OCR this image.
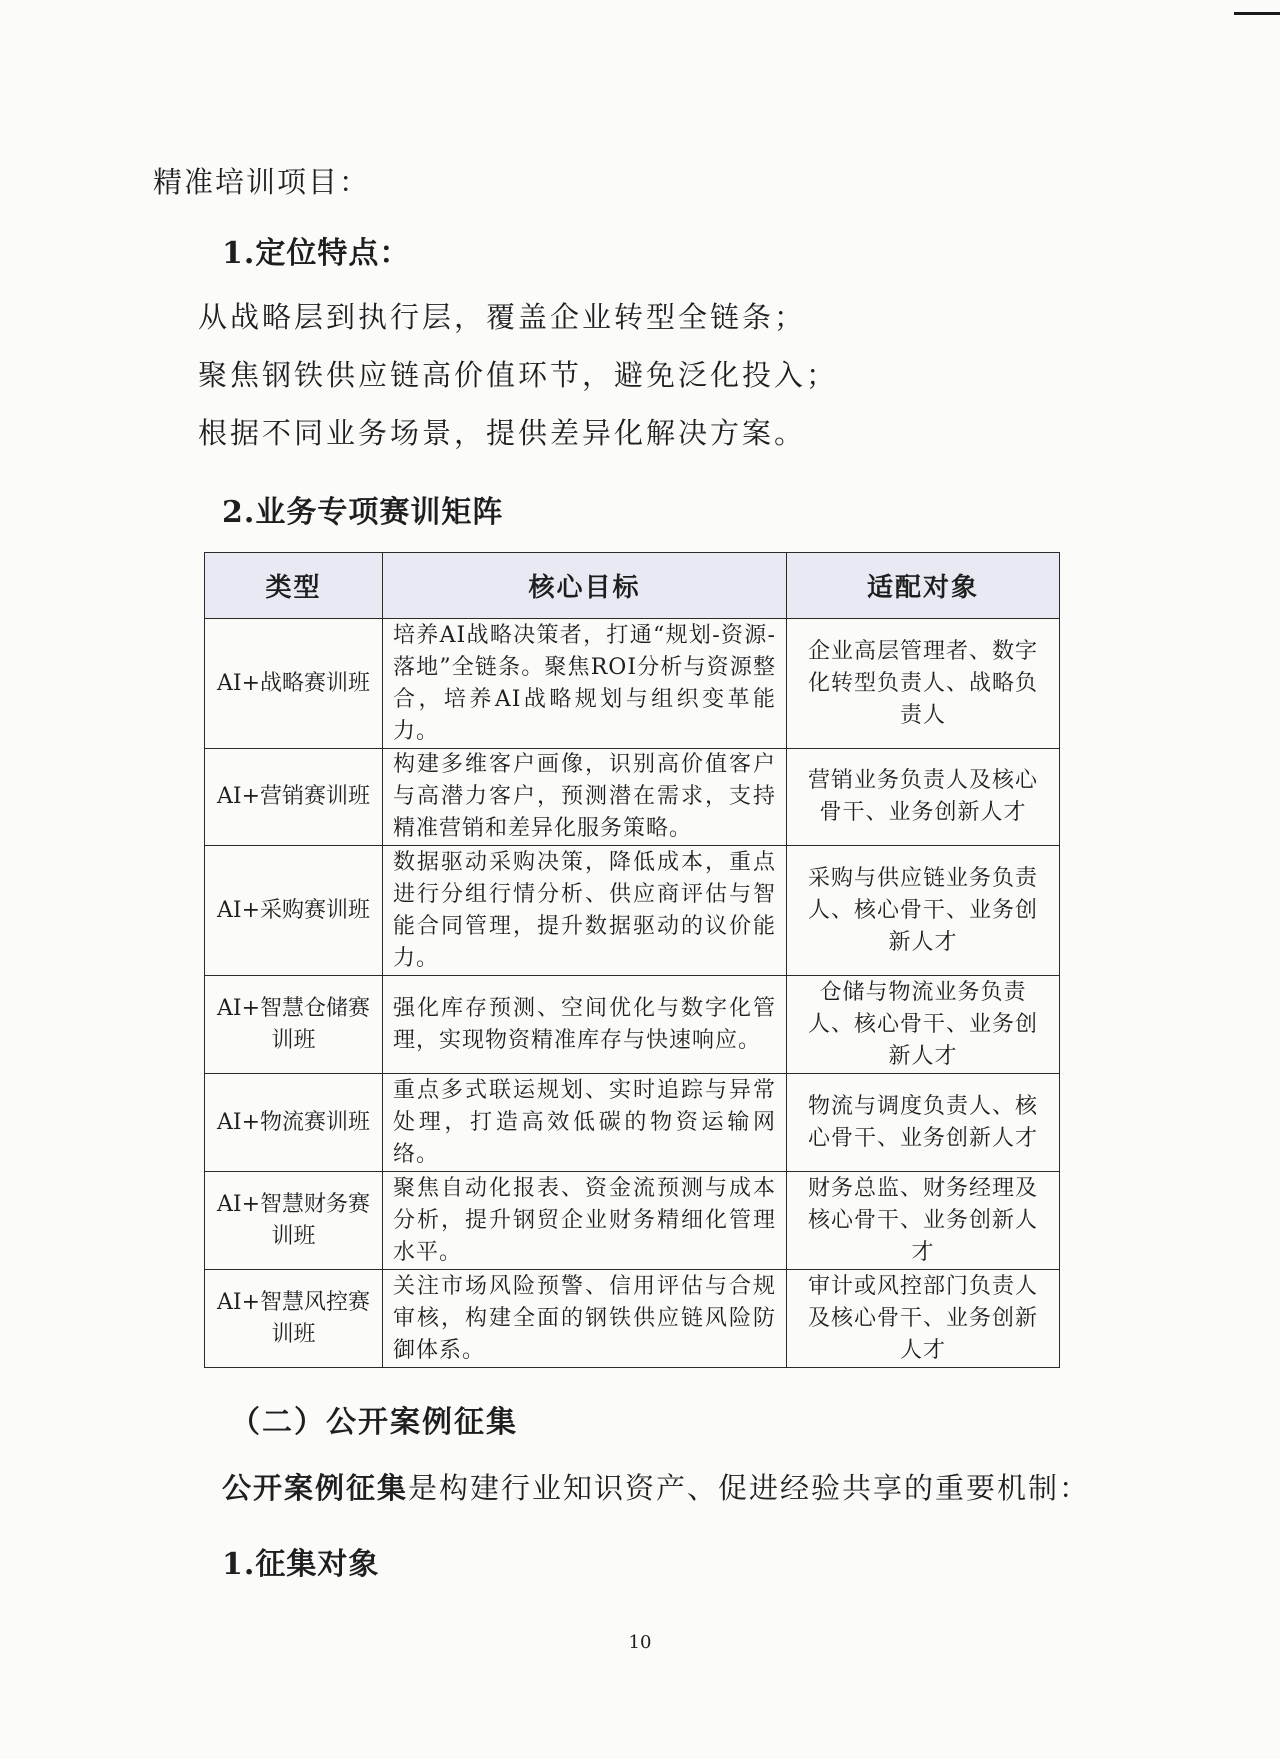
精准培训项目：

1.定位特点：

从战略层到执行层，覆盖企业转型全链条；

聚焦钢铁供应链高价值环节，避免泛化投入；

根据不同业务场景，提供差异化解决方案。

2.业务专项赛训矩阵

类型	核心目标	适配对象
AI+战略赛训班	培养AI战略决策者，打通“规划-资源-落地”全链条。聚焦ROI分析与资源整合，培养AI战略规划与组织变革能力。	企业高层管理者、数字化转型负责人、战略负责人
AI+营销赛训班	构建多维客户画像，识别高价值客户与高潜力客户，预测潜在需求，支持精准营销和差异化服务策略。	营销业务负责人及核心骨干、业务创新人才
AI+采购赛训班	数据驱动采购决策，降低成本，重点进行分组行情分析、供应商评估与智能合同管理，提升数据驱动的议价能力。	采购与供应链业务负责人、核心骨干、业务创新人才
AI+智慧仓储赛训班	强化库存预测、空间优化与数字化管理，实现物资精准库存与快速响应。	仓储与物流业务负责人、核心骨干、业务创新人才
AI+物流赛训班	重点多式联运规划、实时追踪与异常处理，打造高效低碳的物资运输网络。	物流与调度负责人、核心骨干、业务创新人才
AI+智慧财务赛训班	聚焦自动化报表、资金流预测与成本分析，提升钢贸企业财务精细化管理水平。	财务总监、财务经理及核心骨干、业务创新人才
AI+智慧风控赛训班	关注市场风险预警、信用评估与合规审核，构建全面的钢铁供应链风险防御体系。	审计或风控部门负责人及核心骨干、业务创新人才

（二）公开案例征集

公开案例征集是构建行业知识资产、促进经验共享的重要机制：

1.征集对象

10
